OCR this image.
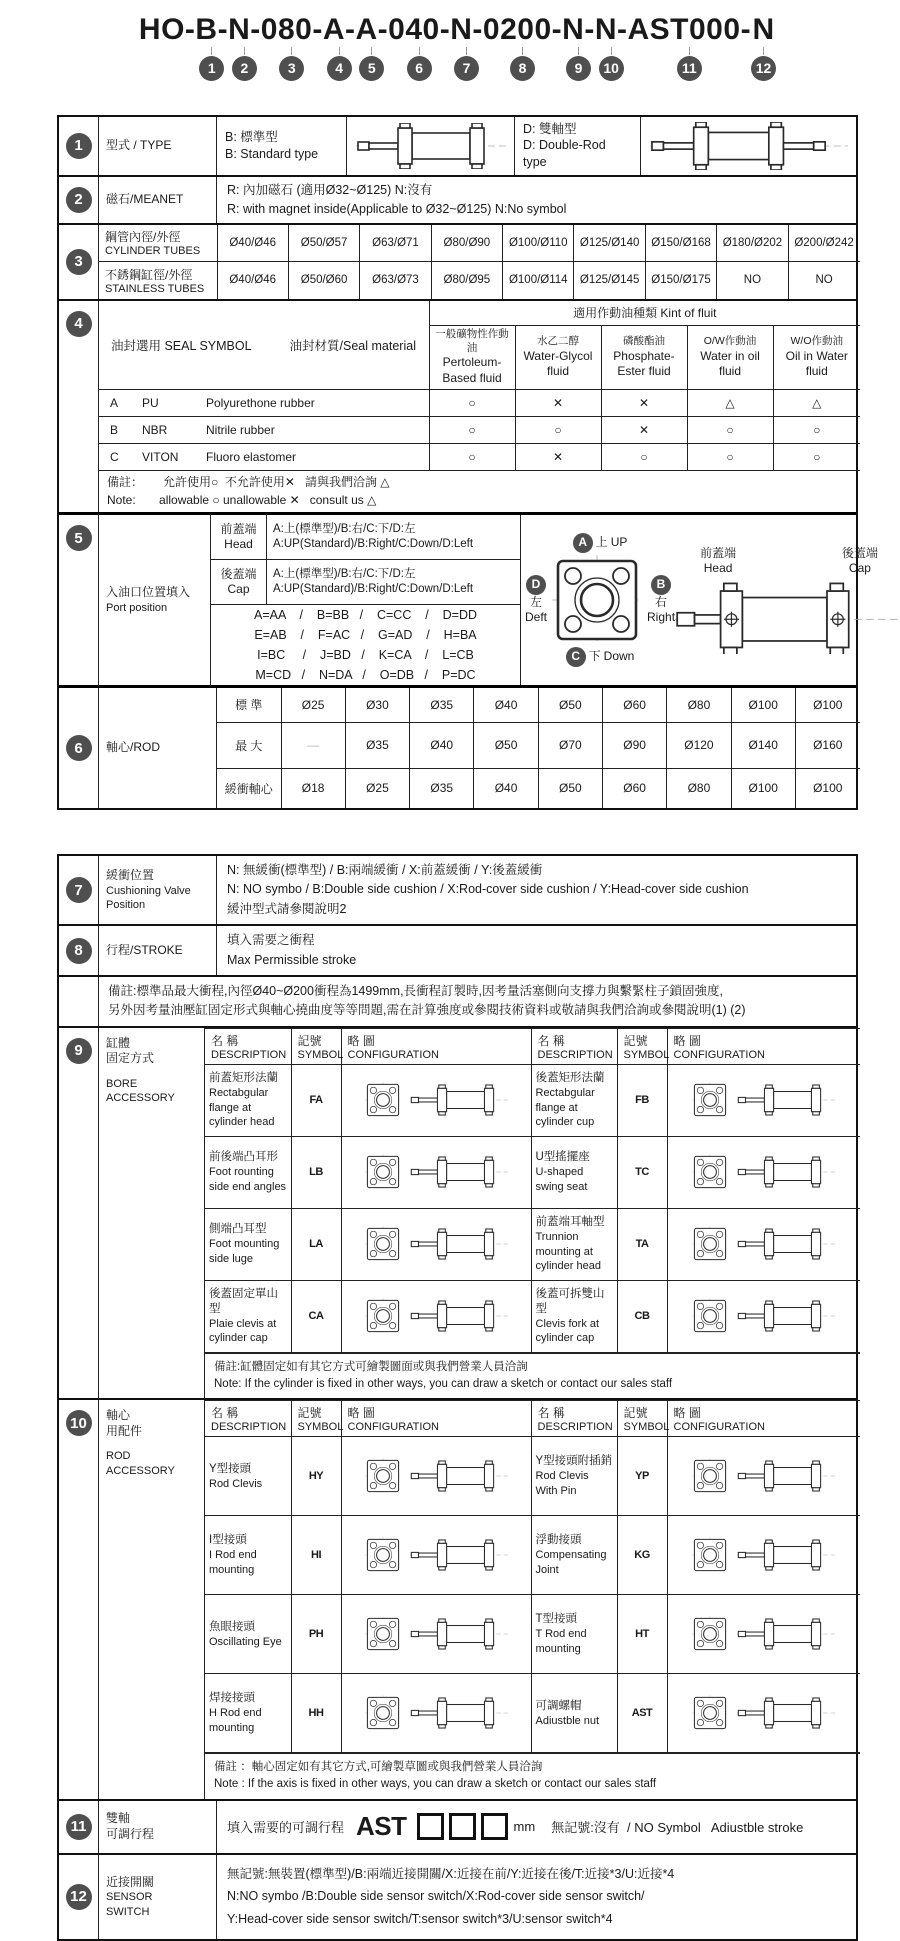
HO - B -
1
N -
2
080 -
3
A -
4
A -
5
040 -
6
N -
7
0200 -
8
N -
9
N -
10
AST000 -
11
N
12
1	型式 / TYPE
B: 標準型
B: Standard type
D: 雙軸型
D: Double-Rod type
2	磁石/MEANET
R: 內加磁石 (適用Ø32~Ø125) N:沒有
R: with magnet inside(Applicable to Ø32~Ø125) N:No symbol
3
鋼管內徑/外徑
CYLINDER TUBES	Ø40/Ø46	Ø50/Ø57	Ø63/Ø71	Ø80/Ø90	Ø100/Ø110	Ø125/Ø140	Ø150/Ø168	Ø180/Ø202	Ø200/Ø242

不銹鋼缸徑/外徑
STAINLESS TUBES	Ø40/Ø46	Ø50/Ø60	Ø63/Ø73	Ø80/Ø95	Ø100/Ø114	Ø125/Ø145	Ø150/Ø175	NO	NO
4
油封選用 SEAL SYMBOL 油封材質/Seal material	適用作動油種類 Kint of fluit				

一般礦物性作動油
Pertoleum-Based fluid

水乙二醇
Water-Glycol fluid

磷酸酯油
Phosphate-Ester fluid

O/W作動油
Water in oil fluid

W/O作動油
Oil in Water fluid

A PU Polyurethone rubber	○	✕	✕	△	△
B NBR Nitrile rubber	○	○	✕	○	○
C VITON Fluoro elastomer	○	✕	○	○	○

備註：      允許使用○  不允許使用✕   請與我們洽詢 △
Note:       allowable ○ unallowable ✕   consult us △					
5
入油口位置填入
Port position
前蓋端
Head
A:上(標準型)/B:右/C:下/D:左
A:UP(Standard)/B:Right/C:Down/D:Left
後蓋端
Cap
A:上(標準型)/B:右/C:下/D:左
A:UP(Standard)/B:Right/C:Down/D:Left
A=AA    /    B=BB   /    C=CC    /    D=DD
E=AB    /    F=AC   /    G=AD    /    H=BA
I=BC     /    J=BD   /    K=CA    /    L=CB
M=CD   /    N=DA   /    O=DB   /    P=DC
A 上 UP
D
左
Deft
B
右
Right
C 下 Down
前蓋端
Head
後蓋端
Cap
6	軸心/ROD
標 準	Ø25	Ø30	Ø35	Ø40	Ø50	Ø60	Ø80	Ø100	Ø100
最 大	—	Ø35	Ø40	Ø50	Ø70	Ø90	Ø120	Ø140	Ø160
緩衝軸心	Ø18	Ø25	Ø35	Ø40	Ø50	Ø60	Ø80	Ø100	Ø100
7
緩衝位置
Cushioning Valve
Position
N: 無緩衝(標準型) / B:兩端緩衝 / X:前蓋緩衝 / Y:後蓋緩衝
N: NO symbo / B:Double side cushion / X:Rod-cover side cushion / Y:Head-cover side cushion
緩沖型式請參閱說明2
8	行程/STROKE
填入需要之衝程
Max Permissible stroke
備註:標準品最大衝程,內徑Ø40~Ø200衝程為1499mm,長衝程訂製時,因考量活塞側向支撐力與繫緊柱子鎖固強度,
另外因考量油壓缸固定形式與軸心撓曲度等等問題,需在計算強度或參閱技術資料或敬請與我們洽詢或參閱說明(1) (2)
9	缸體
固定方式
BORE
ACCESSORY
名 稱
DESCRIPTION

記號
SYMBOL

略 圖
CONFIGURATION

名 稱
DESCRIPTION

記號
SYMBOL

略 圖
CONFIGURATION

前蓋矩形法蘭
Rectabgular flange at cylinder head
	FA	

後蓋矩形法蘭
Rectabgular flange at cylinder cup
	FB	

前後端凸耳形
Foot rounting side end angles
	LB	

U型搖擺座
U-shaped swing seat
	TC	

側端凸耳型
Foot mounting side luge
	LA	

前蓋端耳軸型
Trunnion mounting at cylinder head
	TA	

後蓋固定單山型
Plaie clevis at cylinder cap
	CA	

後蓋可拆雙山型
Clevis fork at cylinder cap
	CB	
備註:缸體固定如有其它方式可繪製圖面或與我們營業人員洽詢
Note: If the cylinder is fixed in other ways, you can draw a sketch or contact our sales staff
10	軸心
用配件
ROD
ACCESSORY
名 稱
DESCRIPTION

記號
SYMBOL

略 圖
CONFIGURATION

名 稱
DESCRIPTION

記號
SYMBOL

略 圖
CONFIGURATION

Y型接頭
Rod Clevis
	HY	

Y型接頭附插銷
Rod Clevis With Pin
	YP	

I型接頭
I Rod end mounting
	HI	

浮動接頭
Compensating Joint
	KG	

魚眼接頭
Oscillating Eye
	PH	

T型接頭
T Rod end mounting
	HT	

焊接接頭
H Rod end mounting
	HH	

可調螺帽
Adiustble nut
	AST	
備註 ：軸心固定如有其它方式,可繪製草圖或與我們營業人員洽詢
Note : If the axis is fixed in other ways, you can draw a sketch or contact our sales staff
11
雙軸
可調行程	填入需要的可調行程 AST	mm 無記號:沒有  / NO Symbol   Adiustble stroke
12
近接開關
SENSOR
SWITCH
無記號:無裝置(標準型)/B:兩端近接開關/X:近接在前/Y:近接在後/T:近接*3/U:近接*4
N:NO symbo /B:Double side sensor switch/X:Rod-cover side sensor switch/
Y:Head-cover side sensor switch/T:sensor switch*3/U:sensor switch*4
